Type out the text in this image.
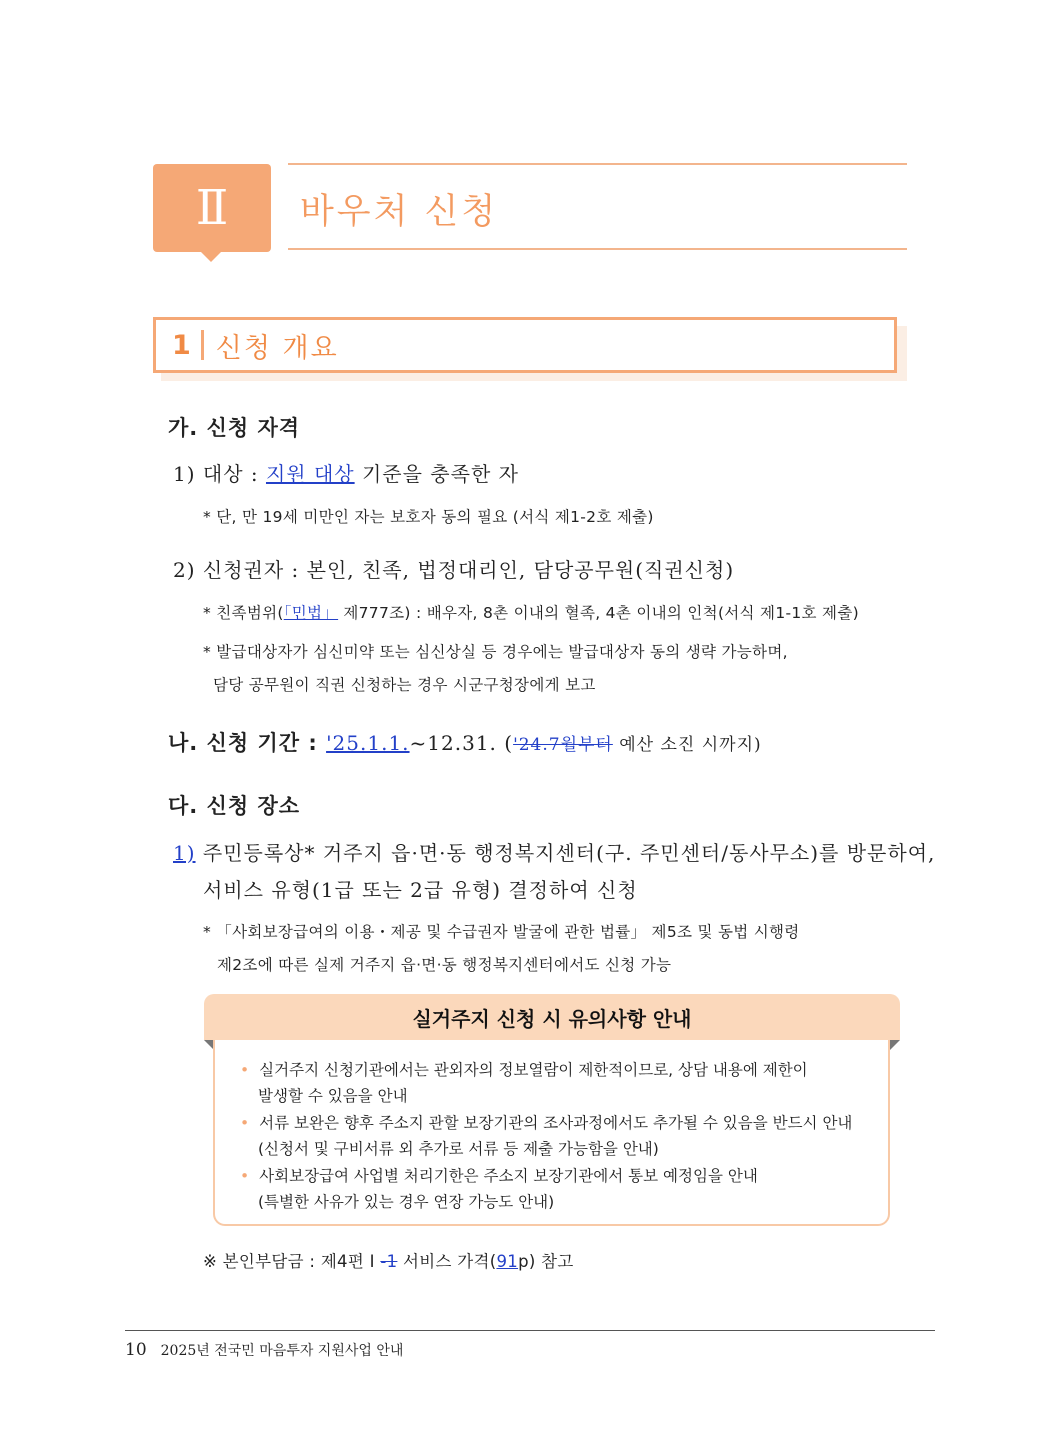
Ⅱ 바우처 신청
1 신청 개요
가. 신청 자격
1) 대상 : 지원 대상 기준을 충족한 자
* 단, 만 19세 미만인 자는 보호자 동의 필요 (서식 제1-2호 제출)
2) 신청권자 : 본인, 친족, 법정대리인, 담당공무원(직권신청)
* 친족범위(「민법」 제777조) : 배우자, 8촌 이내의 혈족, 4촌 이내의 인척(서식 제1-1호 제출)
* 발급대상자가 심신미약 또는 심신상실 등 경우에는 발급대상자 동의 생략 가능하며,
담당 공무원이 직권 신청하는 경우 시군구청장에게 보고
나. 신청 기간 : '25.1.1.~12.31. ('24.7월부터 예산 소진 시까지)
다. 신청 장소
1) 주민등록상* 거주지 읍·면·동 행정복지센터(구. 주민센터/동사무소)를 방문하여,
서비스 유형(1급 또는 2급 유형) 결정하여 신청
* 「사회보장급여의 이용・제공 및 수급권자 발굴에 관한 법률」 제5조 및 동법 시행령
제2조에 따른 실제 거주지 읍·면·동 행정복지센터에서도 신청 가능
실거주지 신청 시 유의사항 안내
• 실거주지 신청기관에서는 관외자의 정보열람이 제한적이므로, 상담 내용에 제한이
발생할 수 있음을 안내
• 서류 보완은 향후 주소지 관할 보장기관의 조사과정에서도 추가될 수 있음을 반드시 안내
(신청서 및 구비서류 외 추가로 서류 등 제출 가능함을 안내)
• 사회보장급여 사업별 처리기한은 주소지 보장기관에서 통보 예정임을 안내
(특별한 사유가 있는 경우 연장 가능도 안내)
※ 본인부담금 : 제4편 Ⅰ -1 서비스 가격(91p) 참고
10 2025년 전국민 마음투자 지원사업 안내
